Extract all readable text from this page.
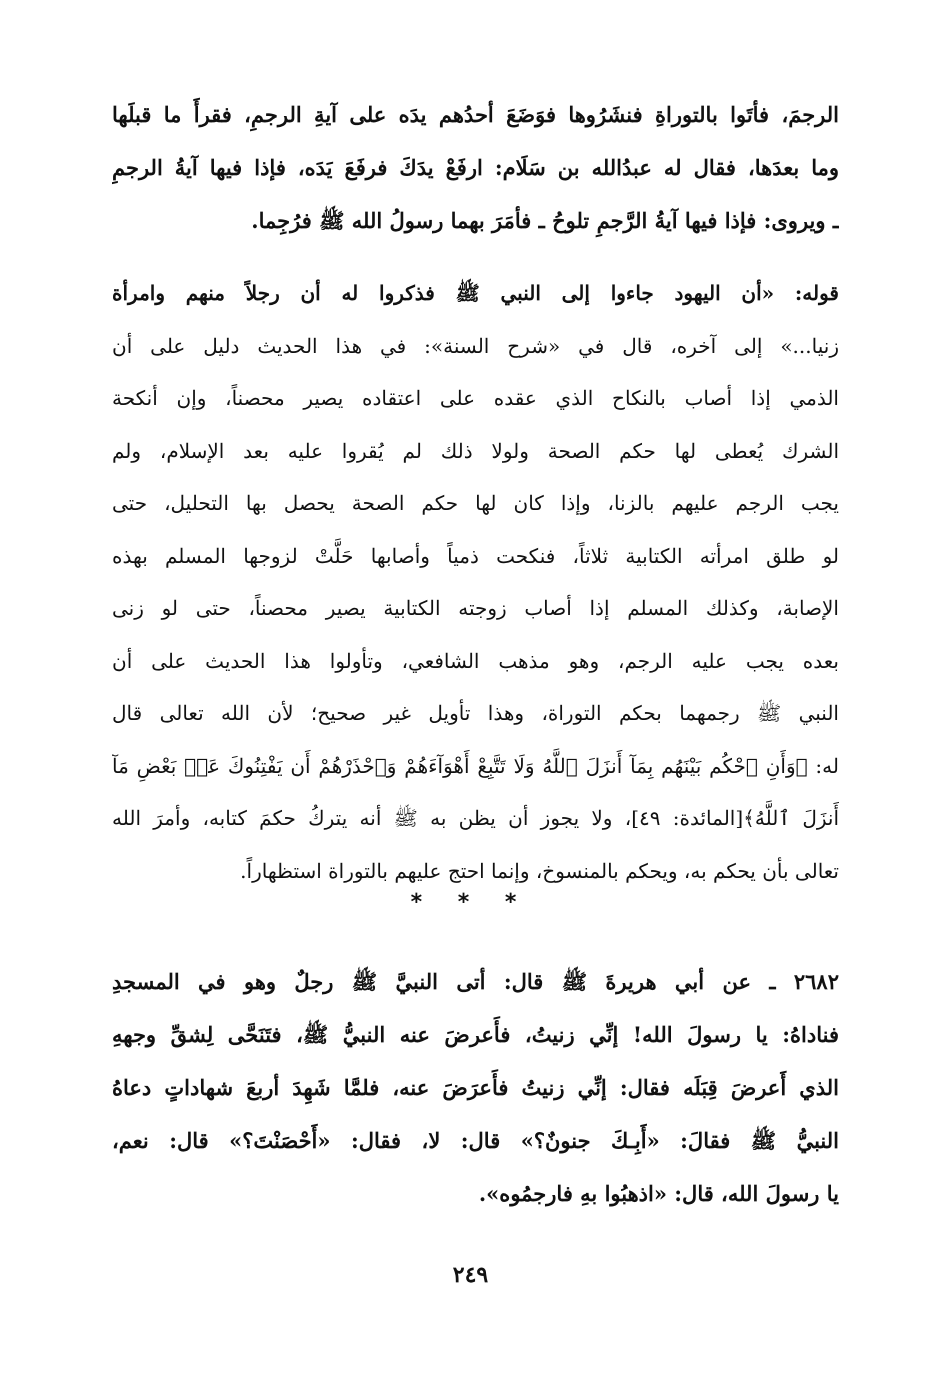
الرجمَ، فأتَوا بالتوراةِ فنشَرُوها فوَضَعَ أحدُهم يدَه على آيةِ الرجمِ، فقرأَ ما قبلَها
وما بعدَها، فقال له عبدُالله بن سَلَام: ارفَعْ يدَكَ فرفَعَ يَدَه، فإذا فيها آيةُ الرجمِ
ـ ويروى: فإذا فيها آيةُ الرَّجمِ تلوحُ ـ فأمَرَ بهما رسولُ الله ﷺ فرُجِما.
قوله: «أن اليهود جاءوا إلى النبي ﷺ فذكروا له أن رجلاً منهم وامرأة
زنيا...» إلى آخره، قال في «شرح السنة»: في هذا الحديث دليل على أن
الذمي إذا أصاب بالنكاح الذي عقده على اعتقاده يصير محصناً، وإن أنكحة
الشرك يُعطى لها حكم الصحة ولولا ذلك لم يُقروا عليه بعد الإسلام، ولم
يجب الرجم عليهم بالزنا، وإذا كان لها حكم الصحة يحصل بها التحليل، حتى
لو طلق امرأته الكتابية ثلاثاً، فنكحت ذمياً وأصابها حَلَّتْ لزوجها المسلم بهذه
الإصابة، وكذلك المسلم إذا أصاب زوجته الكتابية يصير محصناً، حتى لو زنى
بعده يجب عليه الرجم، وهو مذهب الشافعي، وتأولوا هذا الحديث على أن
النبي ﷺ رجمهما بحكم التوراة، وهذا تأويل غير صحيح؛ لأن الله تعالى قال
له: ﴿وَأَنِ ٱحْكُم بَيْنَهُم بِمَآ أَنزَلَ ٱللَّهُ وَلَا تَتَّبِعْ أَهْوَآءَهُمْ وَٱحْذَرْهُمْ أَن يَفْتِنُوكَ عَنۢ بَعْضِ مَآ
أَنزَلَ ٱللَّهُ﴾[المائدة: ٤٩]، ولا يجوز أن يظن به ﷺ أنه يتركُ حكمَ كتابه، وأمرَ الله
تعالى بأن يحكم به، ويحكم بالمنسوخ، وإنما احتج عليهم بالتوراة استظهاراً.
* * *
٢٦٨٢ ـ عن أبي هريرةَ ﷺ قال: أتى النبيَّ ﷺ رجلٌ وهو في المسجدِ
فناداهُ: يا رسولَ الله! إنِّي زنيتُ، فأَعرضَ عنه النبيُّ ﷺ، فتَنَحَّى لِشقِّ وجههِ
الذي أَعرضَ قِبَلَه فقال: إنِّي زنيتُ فأَعرَضَ عنه، فلمَّا شَهِدَ أربعَ شهاداتٍ دعاهُ
النبيُّ ﷺ فقالَ: «أَبِـكَ جنونٌ؟» قال: لا، فقال: «أَحْصَنْتَ؟» قال: نعم،
يا رسولَ الله، قال: «اذهبُوا بهِ فارجمُوه».
٢٤٩
